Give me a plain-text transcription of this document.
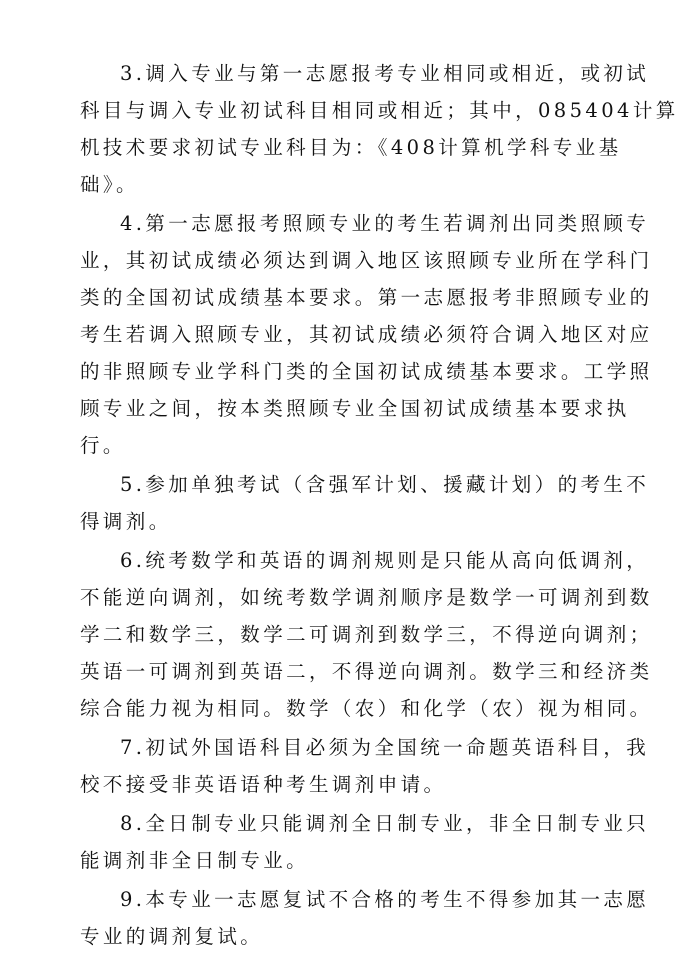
3.调入专业与第一志愿报考专业相同或相近，或初试
科目与调入专业初试科目相同或相近；其中，085404计算
机技术要求初试专业科目为：《408计算机学科专业基
础》。
4.第一志愿报考照顾专业的考生若调剂出同类照顾专
业，其初试成绩必须达到调入地区该照顾专业所在学科门
类的全国初试成绩基本要求。第一志愿报考非照顾专业的
考生若调入照顾专业，其初试成绩必须符合调入地区对应
的非照顾专业学科门类的全国初试成绩基本要求。工学照
顾专业之间，按本类照顾专业全国初试成绩基本要求执
行。
5.参加单独考试（含强军计划、援藏计划）的考生不
得调剂。
6.统考数学和英语的调剂规则是只能从高向低调剂，
不能逆向调剂，如统考数学调剂顺序是数学一可调剂到数
学二和数学三，数学二可调剂到数学三，不得逆向调剂；
英语一可调剂到英语二，不得逆向调剂。数学三和经济类
综合能力视为相同。数学（农）和化学（农）视为相同。
7.初试外国语科目必须为全国统一命题英语科目，我
校不接受非英语语种考生调剂申请。
8.全日制专业只能调剂全日制专业，非全日制专业只
能调剂非全日制专业。
9.本专业一志愿复试不合格的考生不得参加其一志愿
专业的调剂复试。
